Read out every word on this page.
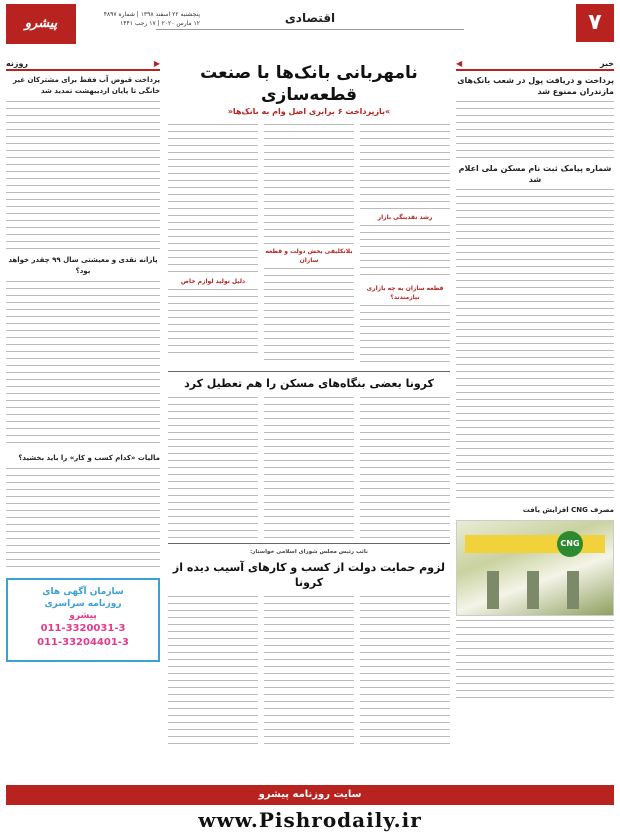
۷
اقتصادی
پنجشنبه ۲۲ اسفند ۱۳۹۸ | شماره ۴۸۹۷
۱۲ مارس ۲۰۲۰ | ۱۷ رجب ۱۴۴۱
پیشرو
خبر
◀
پرداخت و دریافت پول در شعب بانک‌های مازندران ممنوع شد
شماره پیامک ثبت نام مسکن ملی اعلام شد
مصرف CNG افزایش یافت
CNG
▶
روزنه
پرداخت قبوض آب فقط برای مشترکان غیر خانگی تا پایان اردیبهشت تمدید شد
پارانه نقدی و معیشتی سال ۹۹ چقدر خواهد بود؟
مالیات «کدام کسب و کار» را باید بخشید؟
سازمان آگهی های
روزنامه سراسری
پیشرو
011-3320031-3
011-33204401-3
نامهربانی بانک‌ها با صنعت قطعه‌سازی
»بازپرداخت ۶ برابری اصل وام به بانک‌ها«
رشد نقدینگی بازار
قطعه سازان به چه بازاری نیازمندند؟
بلاتکلیفی بخش دولت و قطعه سازان
دلیل تولید لوازم خاص
کرونا بعضی بنگاه‌های مسکن را هم تعطیل کرد
نائب رئیس مجلس شورای اسلامی خواستار:
لزوم حمایت دولت از کسب و کارهای آسیب دیده از کرونا
سایت روزنامه پیشرو
www.Pishrodaily.ir
